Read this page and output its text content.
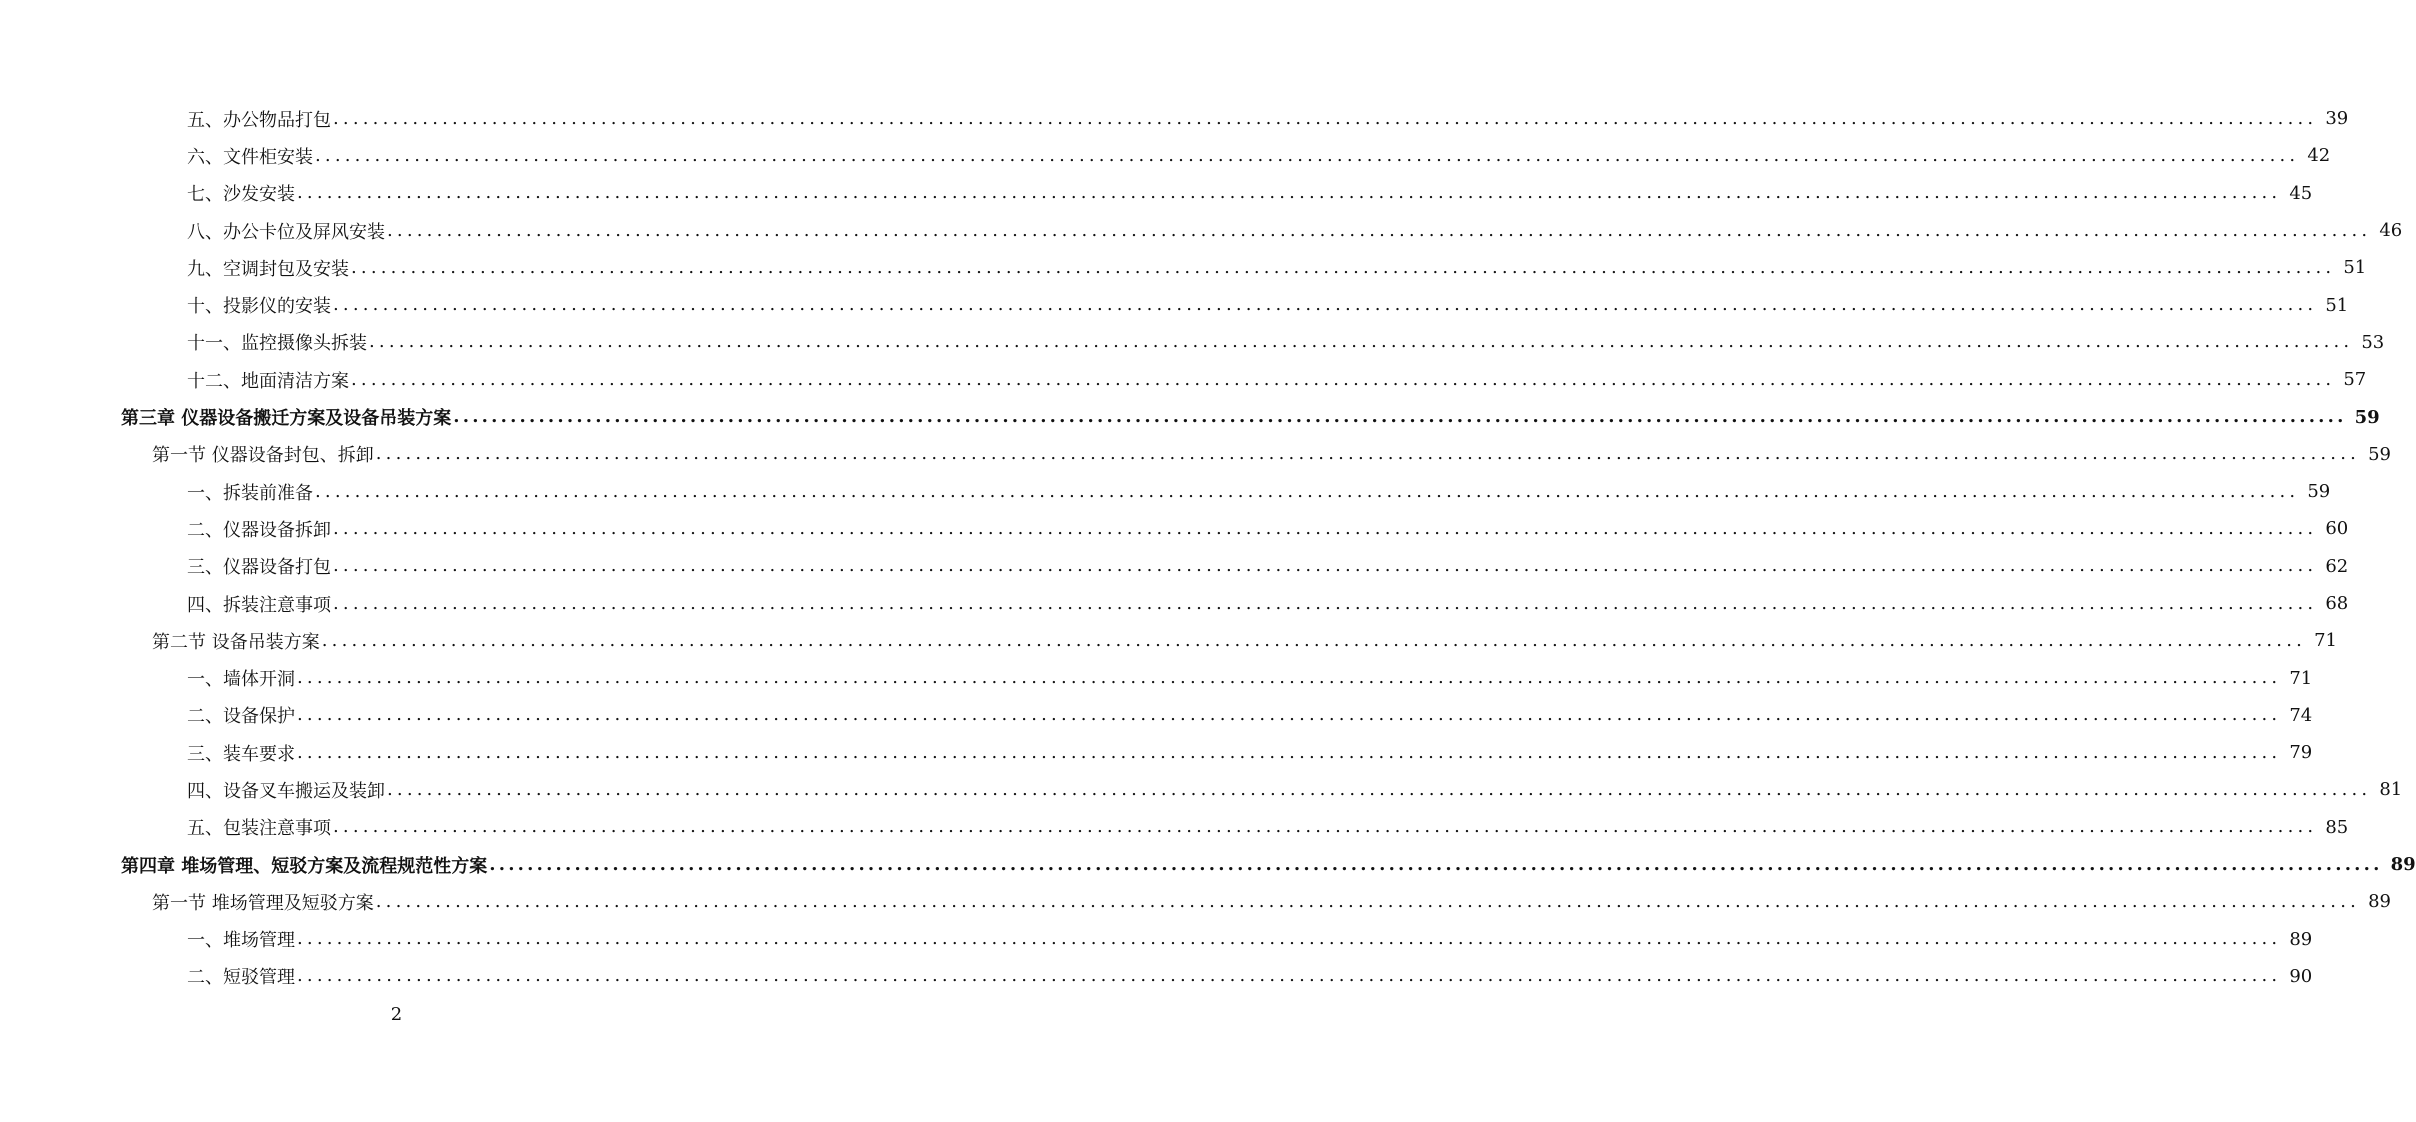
五、办公物品打包 ........................................................................................................................................................................................................ 39
六、文件柜安装 ........................................................................................................................................................................................................ 42
七、沙发安装 ........................................................................................................................................................................................................ 45
八、办公卡位及屏风安装 ........................................................................................................................................................................................................ 46
九、空调封包及安装 ........................................................................................................................................................................................................ 51
十、投影仪的安装 ........................................................................................................................................................................................................ 51
十一、监控摄像头拆装 ........................................................................................................................................................................................................ 53
十二、地面清洁方案 ........................................................................................................................................................................................................ 57
第三章 仪器设备搬迁方案及设备吊装方案 ........................................................................................................................................................................................................ 59
第一节 仪器设备封包、拆卸 ........................................................................................................................................................................................................ 59
一、拆装前准备 ........................................................................................................................................................................................................ 59
二、仪器设备拆卸 ........................................................................................................................................................................................................ 60
三、仪器设备打包 ........................................................................................................................................................................................................ 62
四、拆装注意事项 ........................................................................................................................................................................................................ 68
第二节 设备吊装方案 ........................................................................................................................................................................................................ 71
一、墙体开洞 ........................................................................................................................................................................................................ 71
二、设备保护 ........................................................................................................................................................................................................ 74
三、装车要求 ........................................................................................................................................................................................................ 79
四、设备叉车搬运及装卸 ........................................................................................................................................................................................................ 81
五、包装注意事项 ........................................................................................................................................................................................................ 85
第四章 堆场管理、短驳方案及流程规范性方案 ........................................................................................................................................................................................................ 89
第一节 堆场管理及短驳方案 ........................................................................................................................................................................................................ 89
一、堆场管理 ........................................................................................................................................................................................................ 89
二、短驳管理 ........................................................................................................................................................................................................ 90
2
